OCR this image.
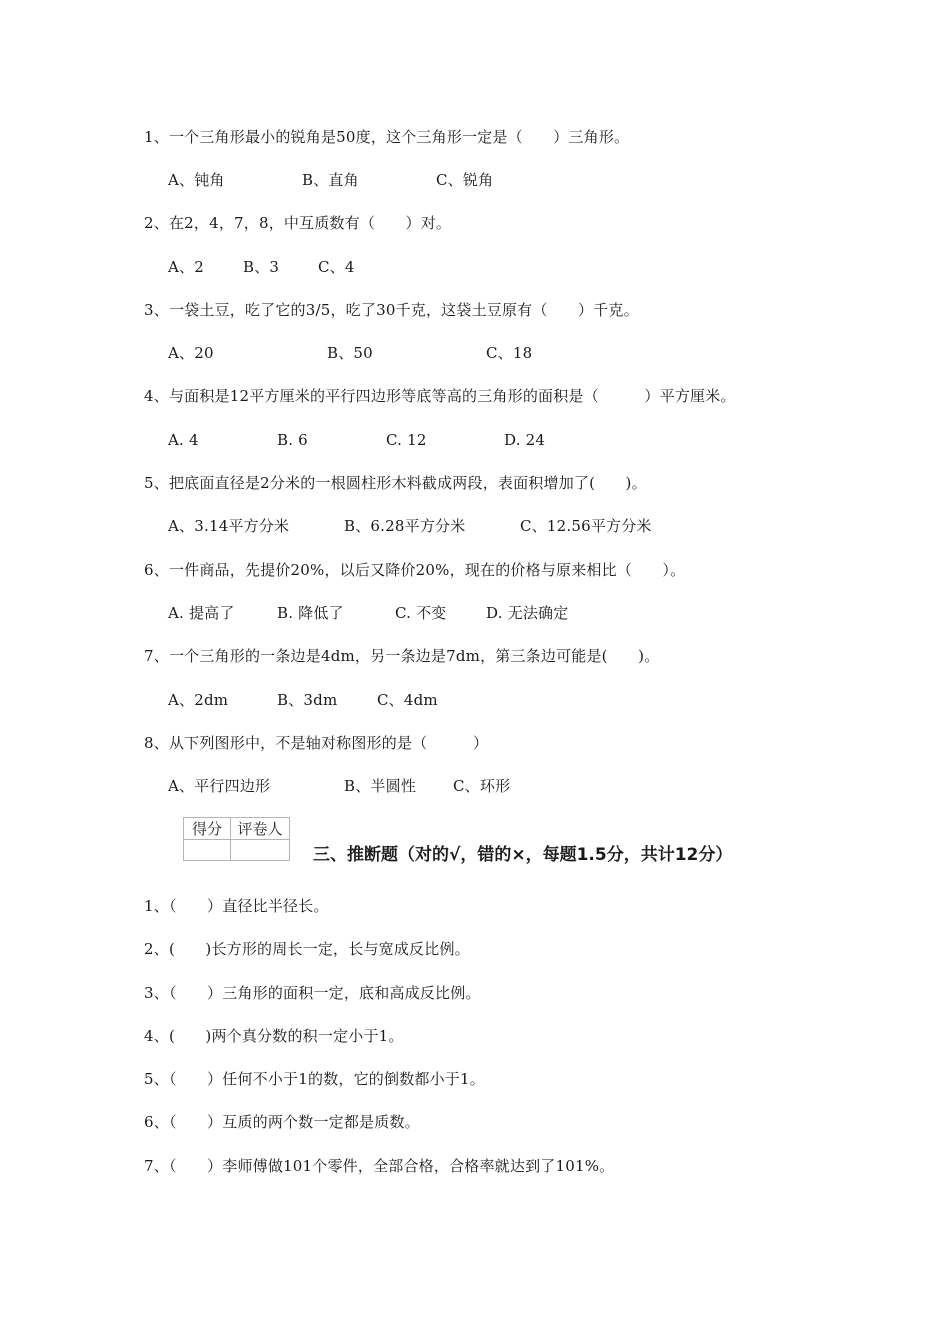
1、一个三角形最小的锐角是50度，这个三角形一定是（　　）三角形。

A、钝角

	B、直角

	C、锐角

2、在2，4，7，8，中互质数有（　　）对。

A、2

	B、3

	C、4

3、一袋土豆，吃了它的3/5，吃了30千克，这袋土豆原有（　　）千克。

A、20

	B、50

	C、18

4、与面积是12平方厘米的平行四边形等底等高的三角形的面积是（　　　）平方厘米。

A. 4

	B. 6

	C. 12

	D. 24

5、把底面直径是2分米的一根圆柱形木料截成两段，表面积增加了(　　)。

A、3.14平方分米

	B、6.28平方分米

	C、12.56平方分米

6、一件商品，先提价20%，以后又降价20%，现在的价格与原来相比（　　）。

A. 提高了

	B. 降低了

	C. 不变

	D. 无法确定

7、一个三角形的一条边是4dm，另一条边是7dm，第三条边可能是(　　)。

A、2dm

	B、3dm

	C、4dm

8、从下列图形中，不是轴对称图形的是（　　　）

A、平行四边形

	B、半圆性

C、环形

得分	评卷人

三、推断题（对的√，错的×，每题1.5分，共计12分）
1、（　　）直径比半径长。
2、(　　)长方形的周长一定，长与宽成反比例。
3、（　　）三角形的面积一定，底和高成反比例。
4、(　　)两个真分数的积一定小于1。
5、（　　）任何不小于1的数，它的倒数都小于1。
6、（　　）互质的两个数一定都是质数。
7、（　　）李师傅做101个零件，全部合格，合格率就达到了101%。
